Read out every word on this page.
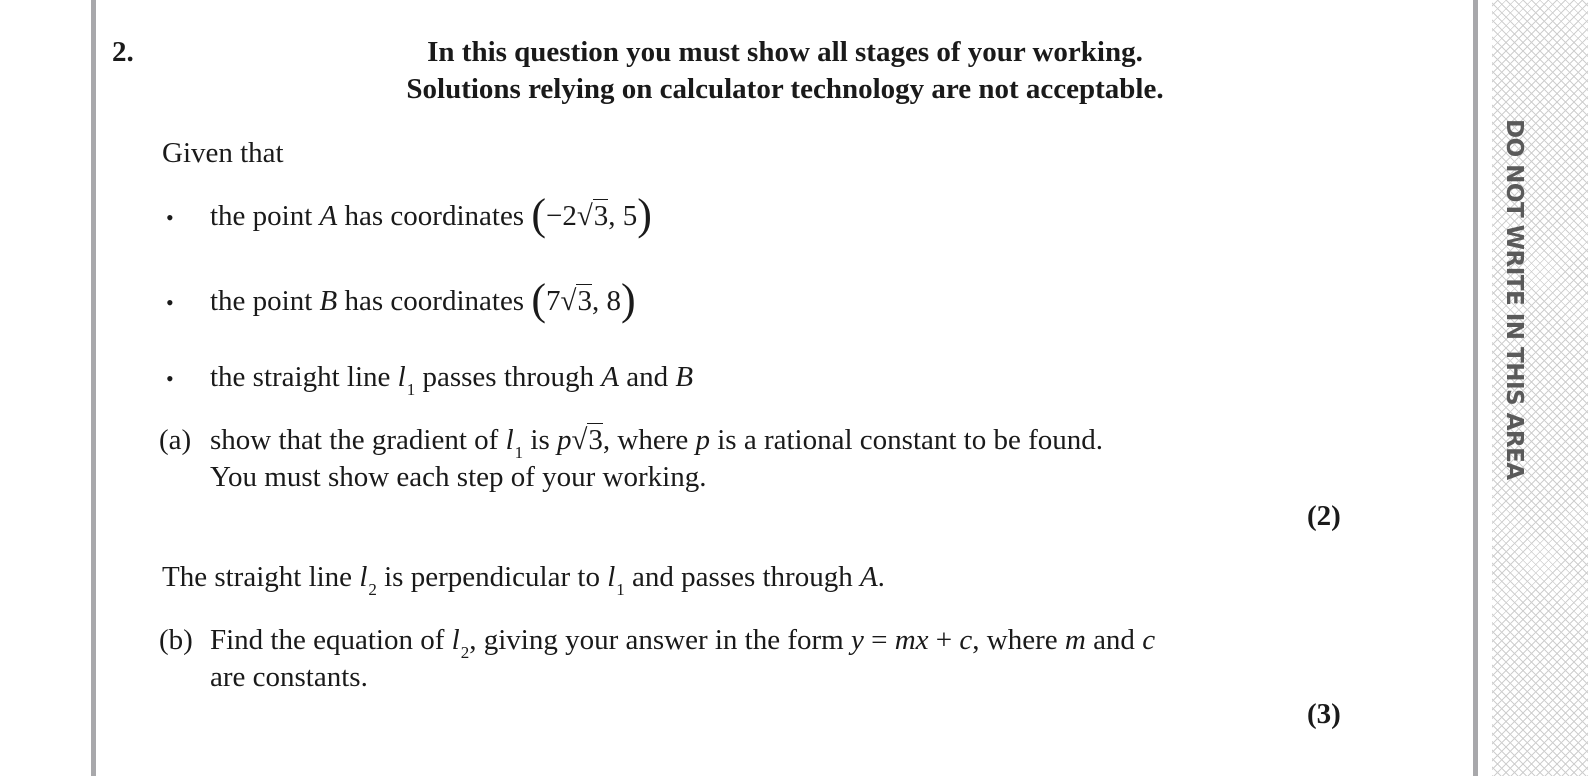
DO NOT WRITE IN THIS AREA
2.	In this question you must show all stages of your working.
Solutions relying on calculator technology are not acceptable.
Given that
• the point A has coordinates (−2√3, 5)
• the point B has coordinates (7√3, 8)
• the straight line $l_1$ passes through A and B
(a) show that the gradient of $l_1$ is p√3, where p is a rational constant to be found.
You must show each step of your working.
(2)
The straight line $l_2$ is perpendicular to $l_1$ and passes through A.
(b) Find the equation of $l_2$, giving your answer in the form y = mx + c, where m and c
are constants.
(3)
